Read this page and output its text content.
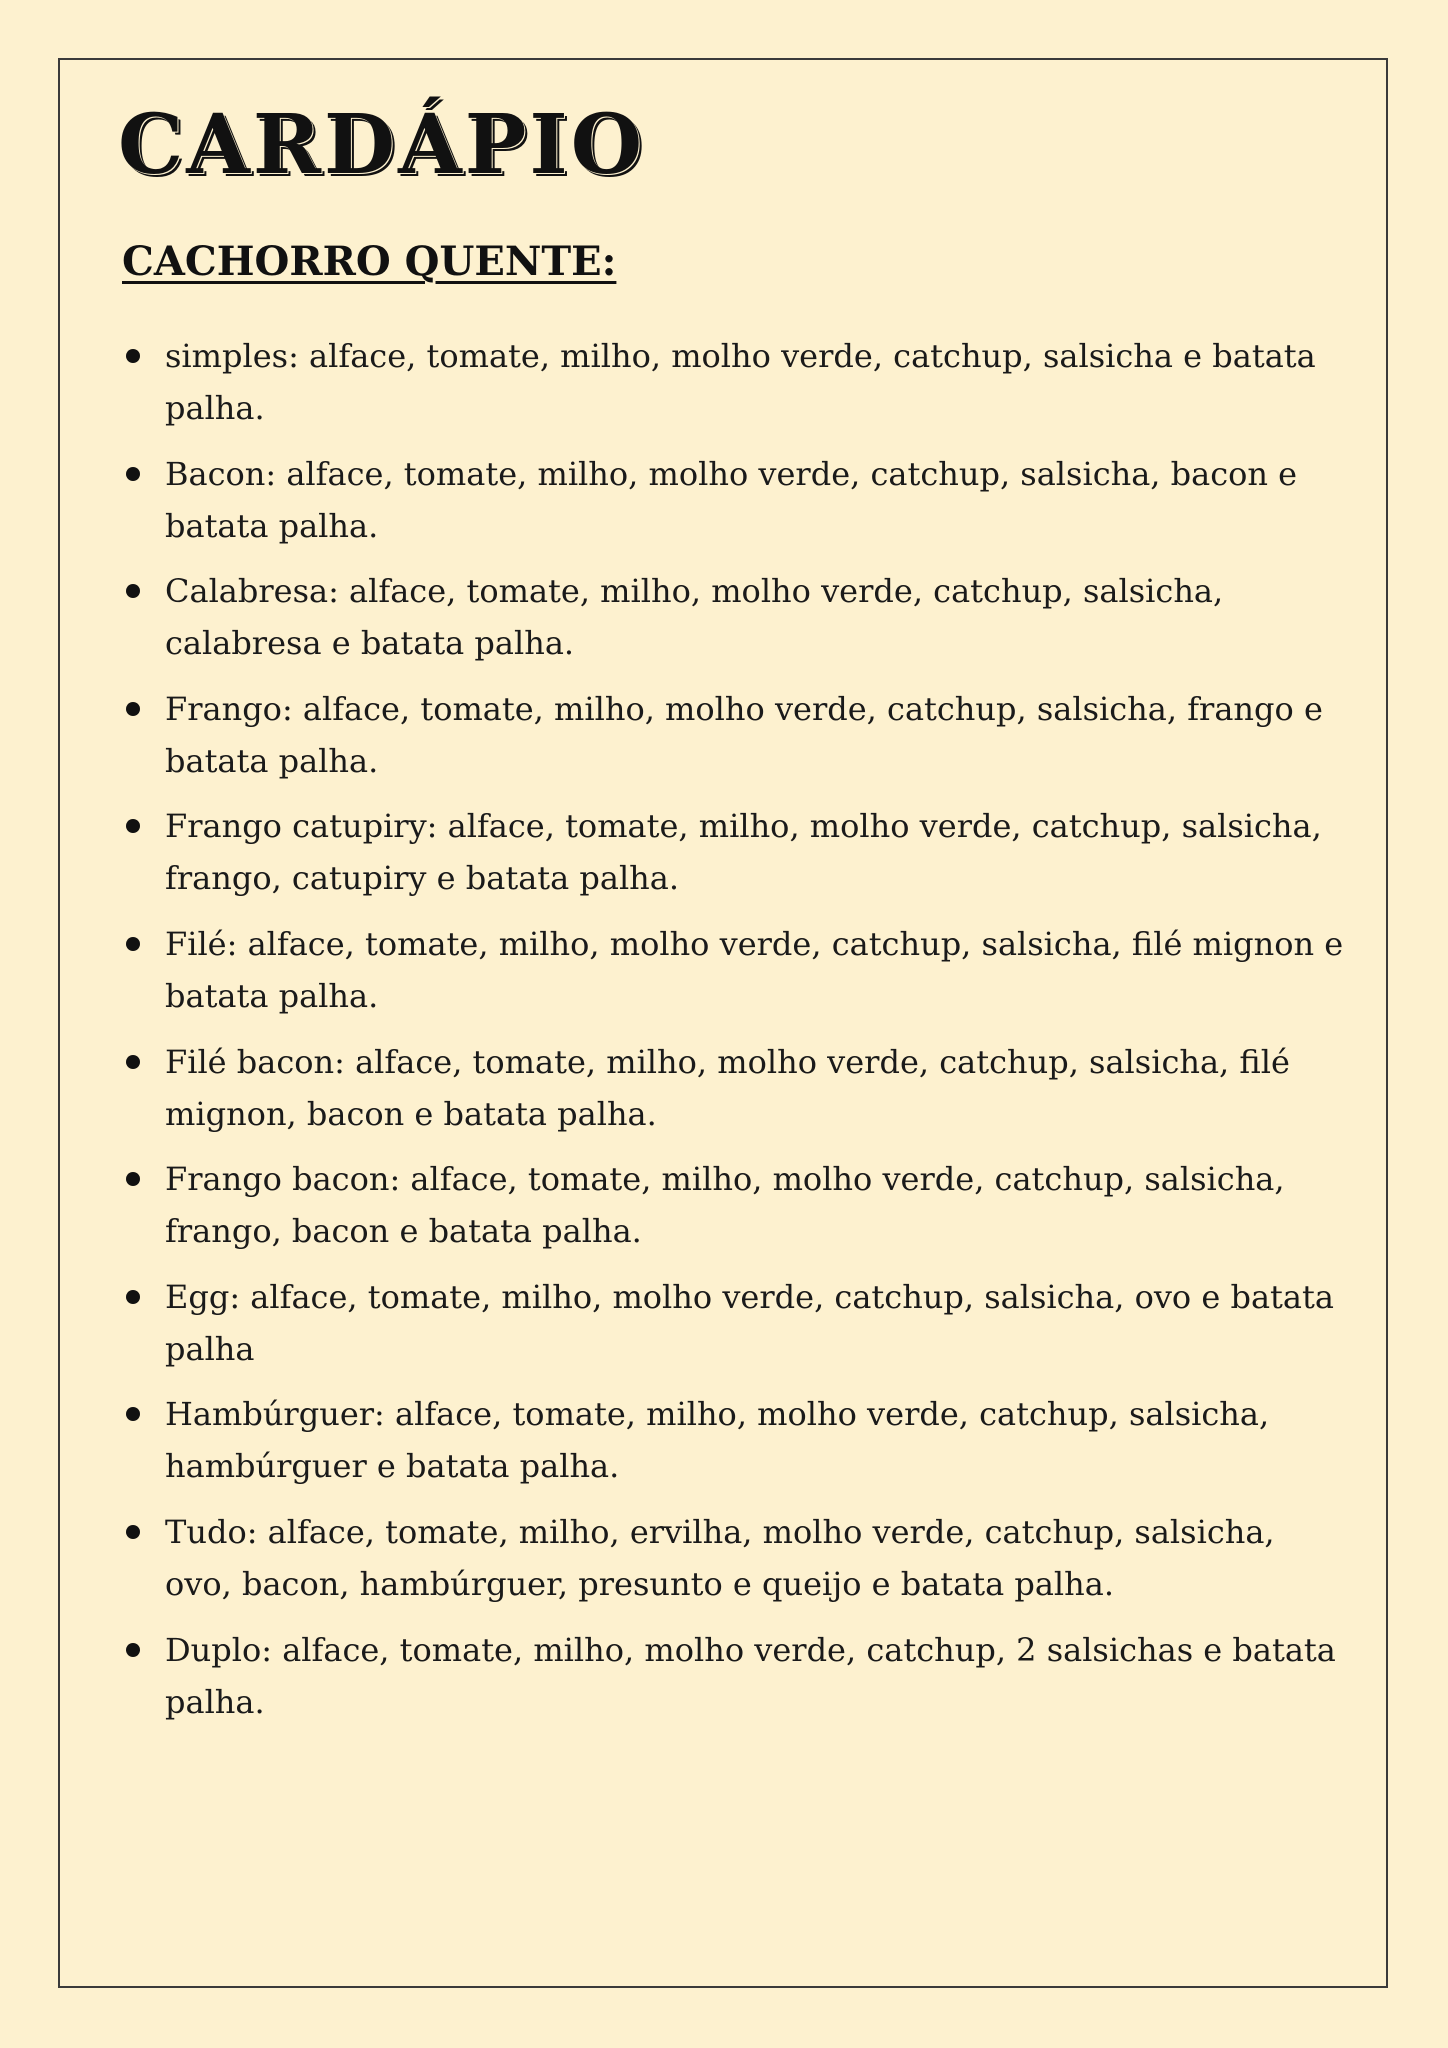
CARDÁPIO
CACHORRO QUENTE:
simples: alface, tomate, milho, molho verde, catchup, salsicha e batata palha.
Bacon: alface, tomate, milho, molho verde, catchup, salsicha, bacon e batata palha.
Calabresa: alface, tomate, milho, molho verde, catchup, salsicha, calabresa e batata palha.
Frango: alface, tomate, milho, molho verde, catchup, salsicha, frango e batata palha.
Frango catupiry: alface, tomate, milho, molho verde, catchup, salsicha, frango, catupiry e batata palha.
Filé: alface, tomate, milho, molho verde, catchup, salsicha, filé mignon e batata palha.
Filé bacon: alface, tomate, milho, molho verde, catchup, salsicha, filé mignon, bacon e batata palha.
Frango bacon: alface, tomate, milho, molho verde, catchup, salsicha, frango, bacon e batata palha.
Egg: alface, tomate, milho, molho verde, catchup, salsicha, ovo e batata palha
Hambúrguer: alface, tomate, milho, molho verde, catchup, salsicha, hambúrguer e batata palha.
Tudo: alface, tomate, milho, ervilha, molho verde, catchup, salsicha, ovo, bacon, hambúrguer, presunto e queijo e batata palha.
Duplo: alface, tomate, milho, molho verde, catchup, 2 salsichas e batata palha.
